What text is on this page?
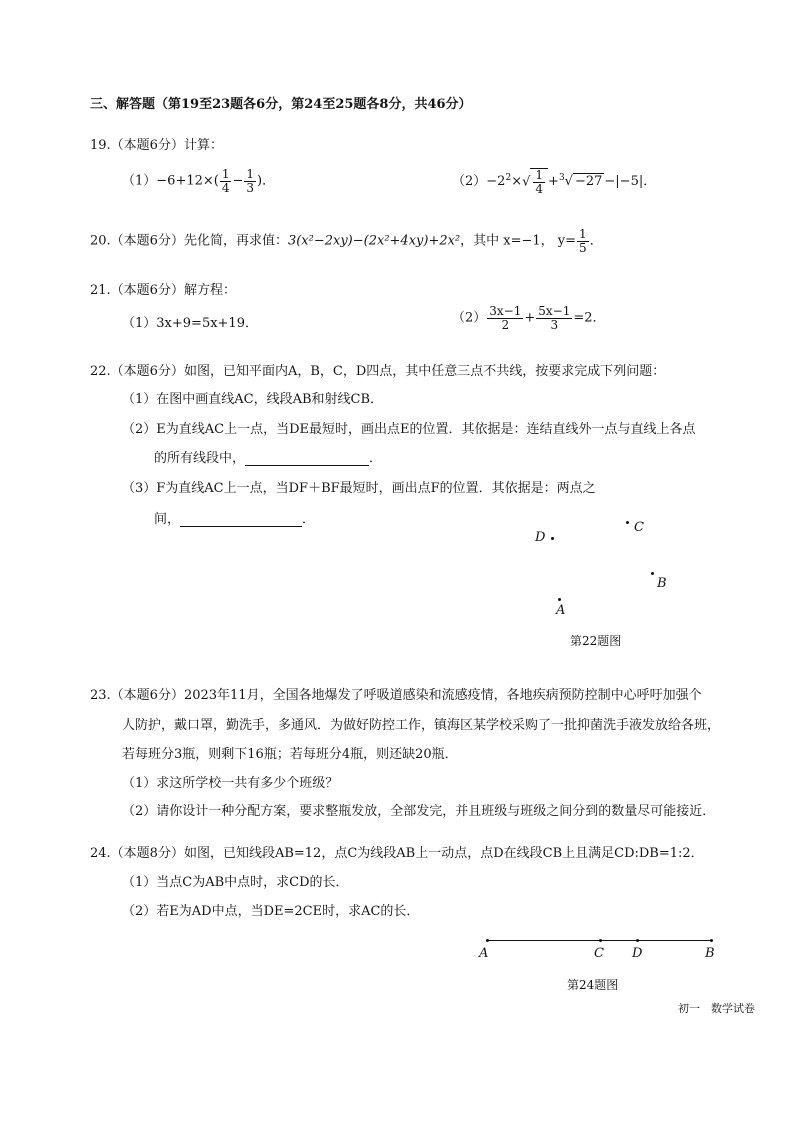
三、解答题（第19至23题各6分，第24至25题各8分，共46分）
19.（本题6分）计算：
$(1)-6+12\times( \frac{1}{4} - \frac{1}{3}$ )．	$(2)-2^2\times√ \frac{1}{4} +^3√ -27 -|-5|$．
20.（本题6分）先化简，再求值：3(x²−2xy)−(2x²+4xy)+2x²，其中 x=−1， $y= \frac{1}{5}$ ．
21.（本题6分）解方程：
（1）3x+9=5x+19．	$(2) \frac{3x-1}{2} + \frac{5x-1}{3} =2$．
22.（本题6分）如图，已知平面内A，B，C，D四点，其中任意三点不共线，按要求完成下列问题：
（1）在图中画直线AC，线段AB和射线CB．
（2）E为直线AC上一点，当DE最短时，画出点E的位置．其依据是：连结直线外一点与直线上各点
的所有线段中，	．
（3）F为直线AC上一点，当DF＋BF最短时，画出点F的位置．其依据是：两点之
间，	．
D
C
B
A
第22题图
23.（本题6分）2023年11月，全国各地爆发了呼吸道感染和流感疫情，各地疾病预防控制中心呼吁加强个
人防护，戴口罩，勤洗手，多通风．为做好防控工作，镇海区某学校采购了一批抑菌洗手液发放给各班，
若每班分3瓶，则剩下16瓶；若每班分4瓶，则还缺20瓶．
（1）求这所学校一共有多少个班级？
（2）请你设计一种分配方案，要求整瓶发放，全部发完，并且班级与班级之间分到的数量尽可能接近．
24.（本题8分）如图，已知线段AB=12，点C为线段AB上一动点，点D在线段CB上且满足CD:DB=1:2．
（1）当点C为AB中点时，求CD的长．
（2）若E为AD中点，当DE=2CE时，求AC的长．
A	C D	B
第24题图
初一　数学试卷
